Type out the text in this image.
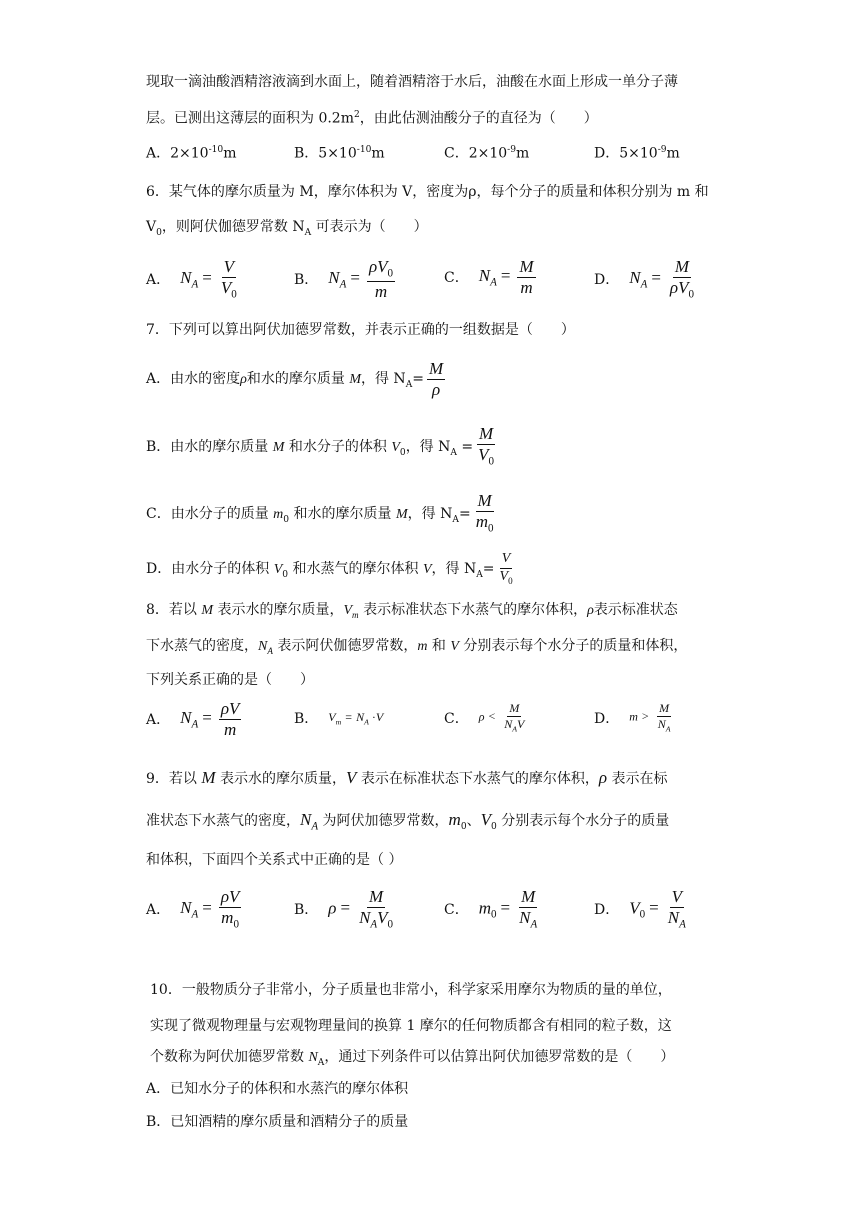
现取一滴油酸酒精溶液滴到水面上，随着酒精溶于水后，油酸在水面上形成一单分子薄
层。已测出这薄层的面积为 $0.2m^2$，由此估测油酸分子的直径为（　　）
A．$2\times 10^{-10}m$	B．$5\times 10^{-10}m$	C．$2\times 10^{-9}m$	D．$5\times 10^{-9}m$
6．某气体的摩尔质量为 M，摩尔体积为 V，密度为ρ，每个分子的质量和体积分别为 m 和
$V_0$，则阿伏伽德罗常数 $N_A$ 可表示为（　　）
A． $N_A = \frac{V}{V_0}$	B． $N_A = \frac{\rho V_0}{m}$	C． $N_A = \frac{M}{m}$	D． $N_A = \frac{M}{\rho V_0}$
7．下列可以算出阿伏加德罗常数，并表示正确的一组数据是（　　）
A．由水的密度ρ和水的摩尔质量 M，得 $N_A= \frac{M}{\rho}$
B．由水的摩尔质量 M 和水分子的体积 $V_0$，得 $N_A = \frac{M}{V_0}$
C．由水分子的质量 $m_0$ 和水的摩尔质量 M，得 $N_A= \frac{M}{m_0}$
D．由水分子的体积 $V_0$ 和水蒸气的摩尔体积 V，得 $N_A= \frac{V}{V_0}$
8．若以 M 表示水的摩尔质量，$V_m$ 表示标准状态下水蒸气的摩尔体积，ρ表示标准状态
下水蒸气的密度，$N_A$ 表示阿伏伽德罗常数，m 和 V 分别表示每个水分子的质量和体积，
下列关系正确的是（　　）
A． $N_A = \frac{\rho V}{m}$	B． $V_m = N_A \cdot V$	C． $\rho < \frac{M}{N_AV}$	D． $m > \frac{M}{N_A}$
9．若以 M 表示水的摩尔质量，V 表示在标准状态下水蒸气的摩尔体积，ρ 表示在标
准状态下水蒸气的密度，$N_A$ 为阿伏加德罗常数，$m_0$、$V_0$ 分别表示每个水分子的质量
和体积，下面四个关系式中正确的是（ ）
A． $N_A = \frac{\rho V}{m_0}$	B． $\rho = \frac{M}{N_AV_0}$	C． $m_0 = \frac{M}{N_A}$	D． $V_0 = \frac{V}{N_A}$
10．一般物质分子非常小，分子质量也非常小，科学家采用摩尔为物质的量的单位，
实现了微观物理量与宏观物理量间的换算 1 摩尔的任何物质都含有相同的粒子数，这
个数称为阿伏加德罗常数 $N_A$，通过下列条件可以估算出阿伏加德罗常数的是（　　）
A．已知水分子的体积和水蒸汽的摩尔体积
B．已知酒精的摩尔质量和酒精分子的质量
